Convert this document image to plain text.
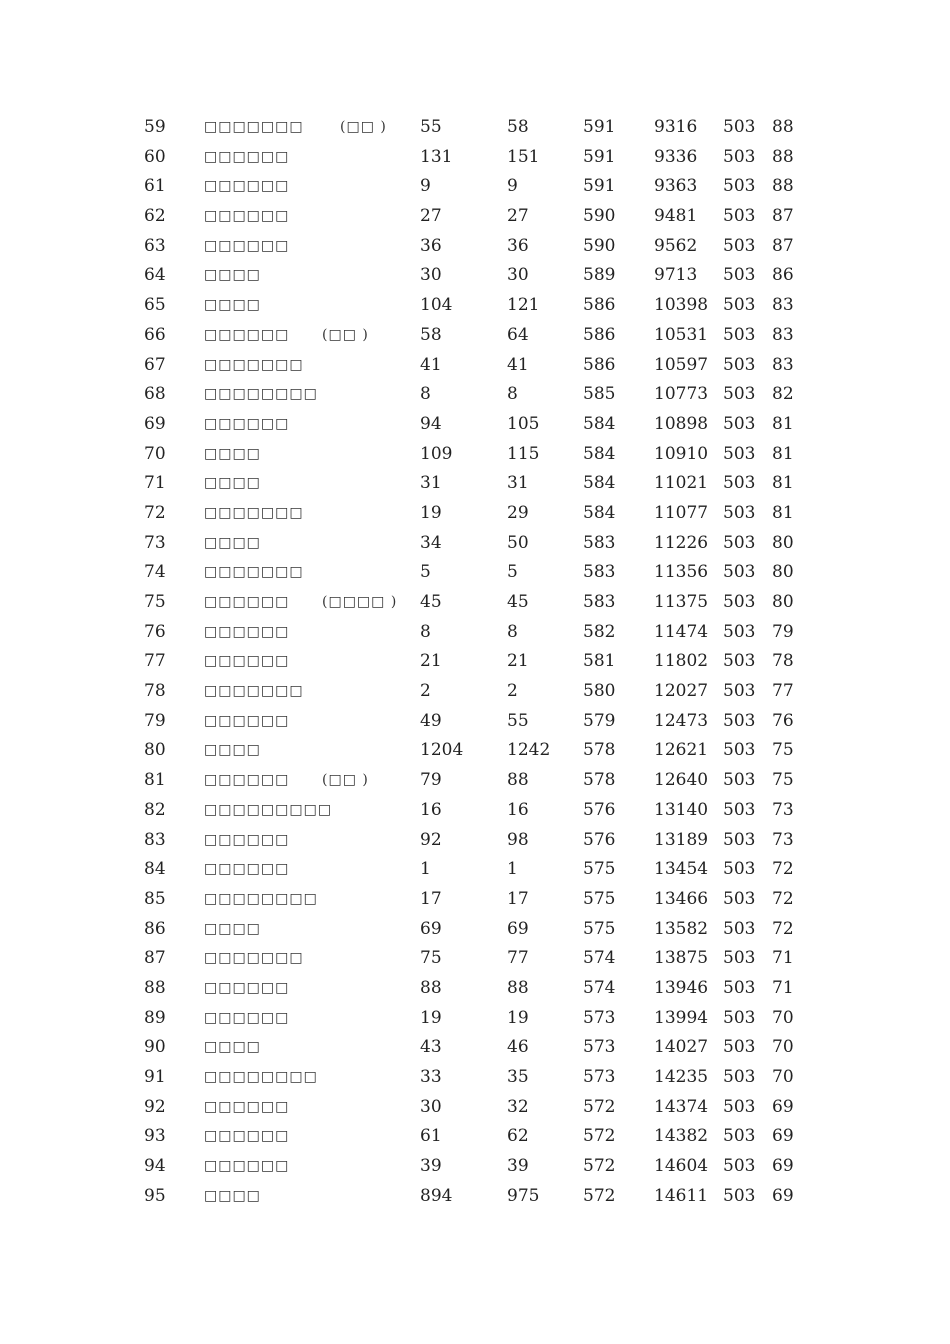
59	□□□□□□□	(□□ ) 55	58	591 9316 503 88
60	□□□□□□	131	151	591 9336 503 88
61	□□□□□□	9	9	591 9363 503 88
62	□□□□□□	27	27	590 9481 503 87
63	□□□□□□	36	36	590 9562 503 87
64	□□□□	30	30	589 9713 503 86
65	□□□□	104	121	586 10398 503 83
66	□□□□□□ (□□ )	58	64	586 10531 503 83
67	□□□□□□□	41	41	586 10597 503 83
68	□□□□□□□□	8	8	585 10773 503 82
69	□□□□□□	94	105	584 10898 503 81
70	□□□□	109	115	584 10910 503 81
71	□□□□	31	31	584 11021 503 81
72	□□□□□□□	19	29	584 11077 503 81
73	□□□□	34	50	583 11226 503 80
74	□□□□□□□	5	5	583 11356 503 80
75	□□□□□□ (□□□□ ) 45	45	583 11375 503 80
76	□□□□□□	8	8	582 11474 503 79
77	□□□□□□	21	21	581 11802 503 78
78	□□□□□□□	2	2	580 12027 503 77
79	□□□□□□	49	55	579 12473 503 76
80	□□□□	1204	1242 578 12621 503 75
81	□□□□□□ (□□ )	79	88	578 12640 503 75
82	□□□□□□□□□	16	16	576 13140 503 73
83	□□□□□□	92	98	576 13189 503 73
84	□□□□□□	1	1	575 13454 503 72
85	□□□□□□□□	17	17	575 13466 503 72
86	□□□□	69	69	575 13582 503 72
87	□□□□□□□	75	77	574 13875 503 71
88	□□□□□□	88	88	574 13946 503 71
89	□□□□□□	19	19	573 13994 503 70
90	□□□□	43	46	573 14027 503 70
91	□□□□□□□□	33	35	573 14235 503 70
92	□□□□□□	30	32	572 14374 503 69
93	□□□□□□	61	62	572 14382 503 69
94	□□□□□□	39	39	572 14604 503 69
95	□□□□	894	975	572 14611 503 69
